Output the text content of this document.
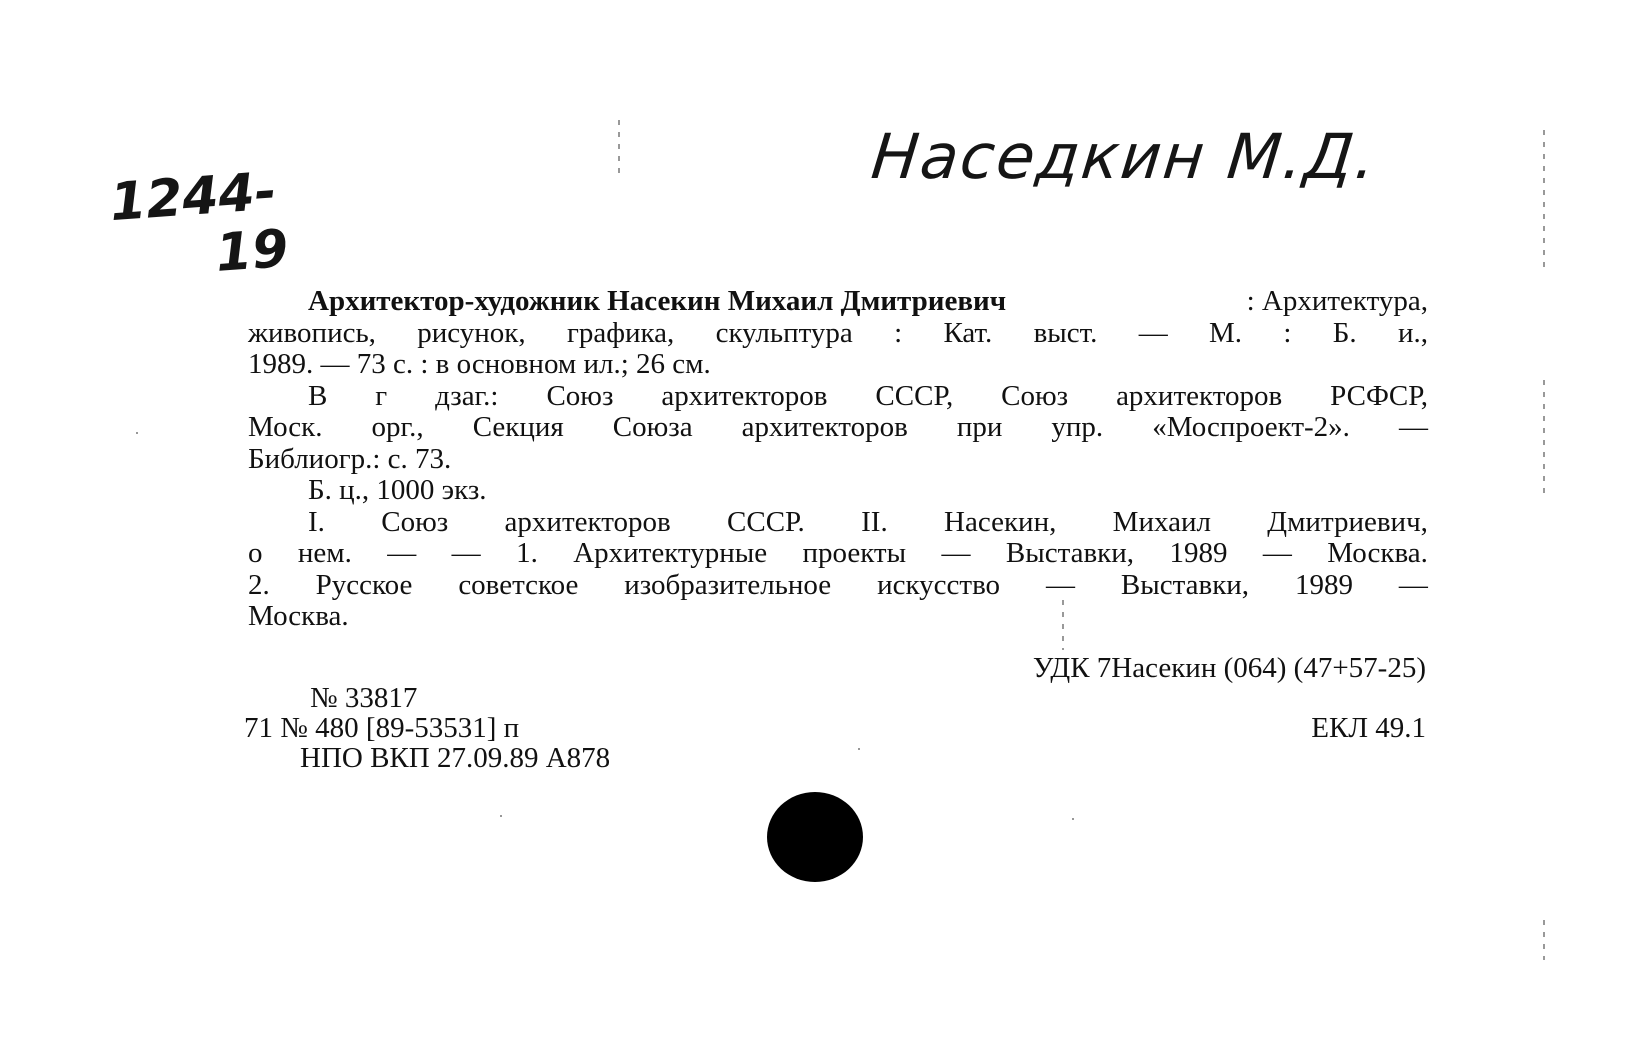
Наседкин М.Д.
1244-
19
Архитектор-художник Насекин Михаил Дмитриевич	: Архитектура,
живопись, рисунок, графика, скульптура : Кат. выст. — М. : Б. и.,
1989. — 73 с. : в основном ил.; 26 см.
В г дзаг.: Союз архитекторов СССР, Союз архитекторов РСФСР,
Моск. орг., Секция Союза архитекторов при упр. «Моспроект-2». —
Библиогр.: с. 73.
Б. ц., 1000 экз.
I. Союз архитекторов СССР. II. Насекин, Михаил Дмитриевич,
о нем. — — 1. Архитектурные проекты — Выставки, 1989 — Москва.
2. Русское советское изобразительное искусство — Выставки, 1989 —
Москва.
УДК 7Насекин (064) (47+57-25)
№ 33817
71 № 480 [89-53531] п
НПО ВКП 27.09.89 А878
ЕКЛ 49.1
